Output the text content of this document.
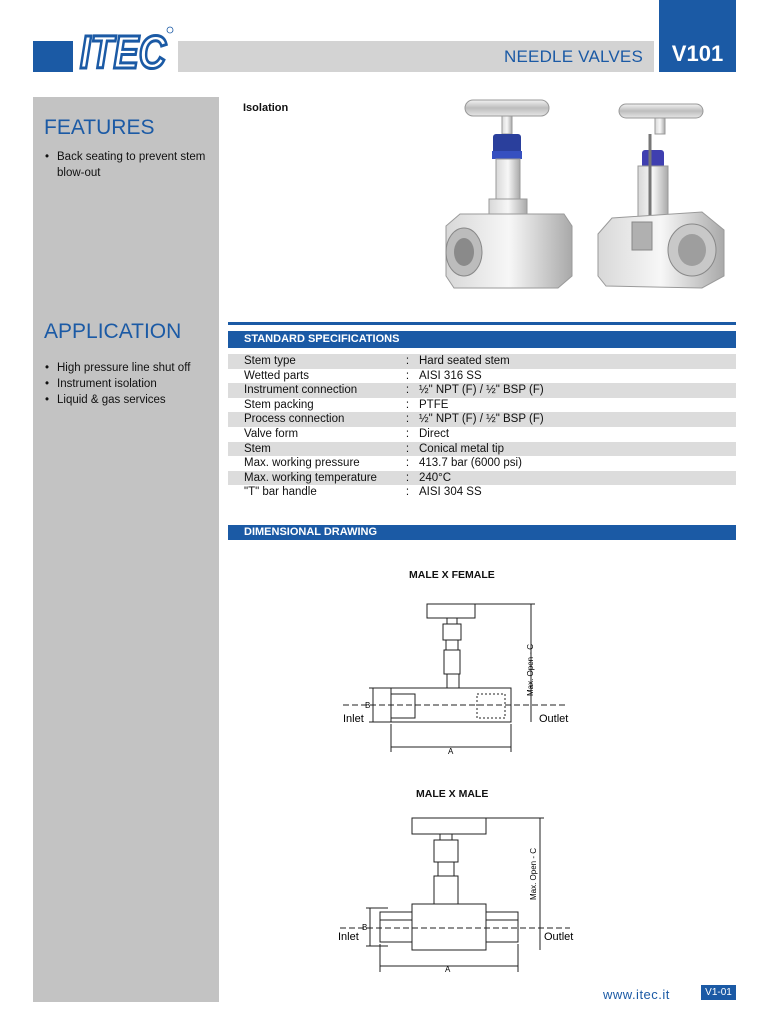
ITEC	NEEDLE VALVES	V101
FEATURES
• Back seating to prevent stem blow-out
APPLICATION
• High pressure line shut off
• Instrument isolation
• Liquid & gas services
Isolation
STANDARD SPECIFICATIONS
Stem type	:	Hard seated stem
Wetted parts	:	AISI 316 SS
Instrument connection	:	½" NPT (F) / ½" BSP (F)
Stem packing	:	PTFE
Process connection	:	½" NPT (F) / ½" BSP (F)
Valve form	:	Direct
Stem	:	Conical metal tip
Max. working pressure	:	413.7 bar (6000 psi)
Max. working temperature	:	240°C
"T" bar handle	:	AISI 304 SS
DIMENSIONAL DRAWING
MALE X FEMALE
Max. Open - C
B
A
Inlet	Outlet
MALE X MALE
Max. Open - C
B
A
Inlet	Outlet
www.itec.it	V1-01
